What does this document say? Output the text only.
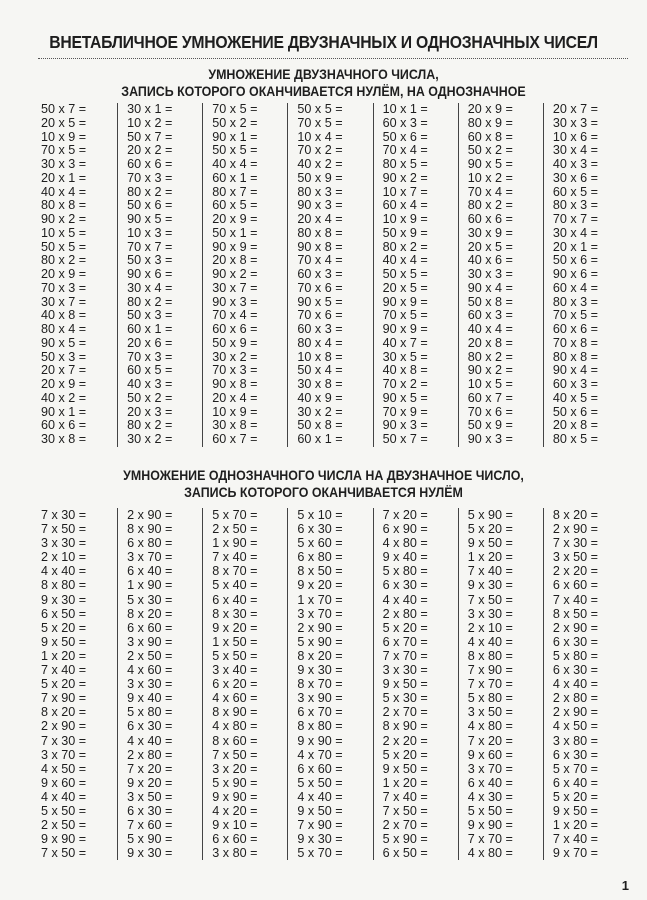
ВНЕТАБЛИЧНОЕ УМНОЖЕНИЕ ДВУЗНАЧНЫХ И ОДНОЗНАЧНЫХ ЧИСЕЛ
УМНОЖЕНИЕ ДВУЗНАЧНОГО ЧИСЛА,
ЗАПИСЬ КОТОРОГО ОКАНЧИВАЕТСЯ НУЛЁМ, НА ОДНОЗНАЧНОЕ
50 x 7 =
20 x 5 =
10 x 9 =
70 x 5 =
30 x 3 =
20 x 1 =
40 x 4 =
80 x 8 =
90 x 2 =
10 x 5 =
50 x 5 =
80 x 2 =
20 x 9 =
70 x 3 =
30 x 7 =
40 x 8 =
80 x 4 =
90 x 5 =
50 x 3 =
20 x 7 =
20 x 9 =
40 x 2 =
90 x 1 =
60 x 6 =
30 x 8 =
30 x 1 =
10 x 2 =
50 x 7 =
20 x 2 =
60 x 6 =
70 x 3 =
80 x 2 =
50 x 6 =
90 x 5 =
10 x 3 =
70 x 7 =
50 x 3 =
90 x 6 =
30 x 4 =
80 x 2 =
50 x 3 =
60 x 1 =
20 x 6 =
70 x 3 =
60 x 5 =
40 x 3 =
50 x 2 =
20 x 3 =
80 x 2 =
30 x 2 =
70 x 5 =
50 x 2 =
90 x 1 =
50 x 5 =
40 x 4 =
60 x 1 =
80 x 7 =
60 x 5 =
20 x 9 =
50 x 1 =
90 x 9 =
20 x 8 =
90 x 2 =
30 x 7 =
90 x 3 =
70 x 4 =
60 x 6 =
50 x 9 =
30 x 2 =
70 x 3 =
90 x 8 =
20 x 4 =
10 x 9 =
30 x 8 =
60 x 7 =
50 x 5 =
70 x 5 =
10 x 4 =
70 x 2 =
40 x 2 =
50 x 9 =
80 x 3 =
90 x 3 =
20 x 4 =
80 x 8 =
90 x 8 =
70 x 4 =
60 x 3 =
70 x 6 =
90 x 5 =
70 x 6 =
60 x 3 =
80 x 4 =
10 x 8 =
50 x 4 =
30 x 8 =
40 x 9 =
30 x 2 =
50 x 8 =
60 x 1 =
10 x 1 =
60 x 3 =
50 x 6 =
70 x 4 =
80 x 5 =
90 x 2 =
10 x 7 =
60 x 4 =
10 x 9 =
50 x 9 =
80 x 2 =
40 x 4 =
50 x 5 =
20 x 5 =
90 x 9 =
70 x 5 =
90 x 9 =
40 x 7 =
30 x 5 =
40 x 8 =
70 x 2 =
90 x 5 =
70 x 9 =
90 x 3 =
50 x 7 =
20 x 9 =
80 x 9 =
60 x 8 =
50 x 2 =
90 x 5 =
10 x 2 =
70 x 4 =
80 x 2 =
60 x 6 =
30 x 9 =
20 x 5 =
40 x 6 =
30 x 3 =
90 x 4 =
50 x 8 =
60 x 3 =
40 x 4 =
20 x 8 =
80 x 2 =
90 x 2 =
10 x 5 =
60 x 7 =
70 x 6 =
50 x 9 =
90 x 3 =
20 x 7 =
30 x 3 =
10 x 6 =
30 x 4 =
40 x 3 =
30 x 6 =
60 x 5 =
80 x 3 =
70 x 7 =
30 x 4 =
20 x 1 =
50 x 6 =
90 x 6 =
60 x 4 =
80 x 3 =
70 x 5 =
60 x 6 =
70 x 8 =
80 x 8 =
90 x 4 =
60 x 3 =
40 x 5 =
50 x 6 =
20 x 8 =
80 x 5 =
УМНОЖЕНИЕ ОДНОЗНАЧНОГО ЧИСЛА НА ДВУЗНАЧНОЕ ЧИСЛО,
ЗАПИСЬ КОТОРОГО ОКАНЧИВАЕТСЯ НУЛЁМ
7 x 30 =
7 x 50 =
3 x 30 =
2 x 10 =
4 x 40 =
8 x 80 =
9 x 30 =
6 x 50 =
5 x 20 =
9 x 50 =
1 x 20 =
7 x 40 =
5 x 20 =
7 x 90 =
8 x 20 =
2 x 90 =
7 x 30 =
3 x 70 =
4 x 50 =
9 x 60 =
4 x 40 =
5 x 50 =
2 x 50 =
9 x 90 =
7 x 50 =
2 x 90 =
8 x 90 =
6 x 80 =
3 x 70 =
6 x 40 =
1 x 90 =
5 x 30 =
8 x 20 =
6 x 60 =
3 x 90 =
2 x 50 =
4 x 60 =
3 x 30 =
9 x 40 =
5 x 80 =
6 x 30 =
4 x 40 =
2 x 80 =
7 x 20 =
9 x 20 =
3 x 50 =
6 x 30 =
7 x 60 =
5 x 90 =
9 x 30 =
5 x 70 =
2 x 50 =
1 x 90 =
7 x 40 =
8 x 70 =
5 x 40 =
6 x 40 =
8 x 30 =
9 x 20 =
1 x 50 =
5 x 50 =
3 x 40 =
6 x 20 =
4 x 60 =
8 x 90 =
4 x 80 =
8 x 60 =
7 x 50 =
3 x 20 =
5 x 90 =
9 x 90 =
4 x 20 =
9 x 10 =
6 x 60 =
3 x 80 =
5 x 10 =
6 x 30 =
5 x 60 =
6 x 80 =
8 x 50 =
9 x 20 =
1 x 70 =
3 x 70 =
2 x 90 =
5 x 90 =
8 x 20 =
9 x 30 =
8 x 70 =
3 x 90 =
6 x 70 =
8 x 80 =
9 x 90 =
4 x 70 =
6 x 60 =
5 x 50 =
4 x 40 =
9 x 50 =
7 x 90 =
9 x 30 =
5 x 70 =
7 x 20 =
6 x 90 =
4 x 80 =
9 x 40 =
5 x 80 =
6 x 30 =
4 x 40 =
2 x 80 =
5 x 20 =
6 x 70 =
7 x 70 =
3 x 30 =
9 x 50 =
5 x 30 =
2 x 70 =
8 x 90 =
2 x 20 =
5 x 20 =
9 x 50 =
1 x 20 =
7 x 40 =
7 x 50 =
2 x 70 =
5 x 90 =
6 x 50 =
5 x 90 =
5 x 20 =
9 x 50 =
1 x 20 =
7 x 40 =
9 x 30 =
7 x 50 =
3 x 30 =
2 x 10 =
4 x 40 =
8 x 80 =
7 x 90 =
7 x 70 =
5 x 80 =
3 x 50 =
4 x 80 =
7 x 20 =
9 x 60 =
3 x 70 =
6 x 40 =
4 x 30 =
5 x 50 =
9 x 90 =
7 x 70 =
4 x 80 =
8 x 20 =
2 x 90 =
7 x 30 =
3 x 50 =
2 x 20 =
6 x 60 =
7 x 40 =
8 x 50 =
2 x 90 =
6 x 30 =
5 x 80 =
6 x 30 =
4 x 40 =
2 x 80 =
2 x 90 =
4 x 50 =
3 x 80 =
6 x 30 =
5 x 70 =
6 x 40 =
5 x 20 =
9 x 50 =
1 x 20 =
7 x 40 =
9 x 70 =
1
